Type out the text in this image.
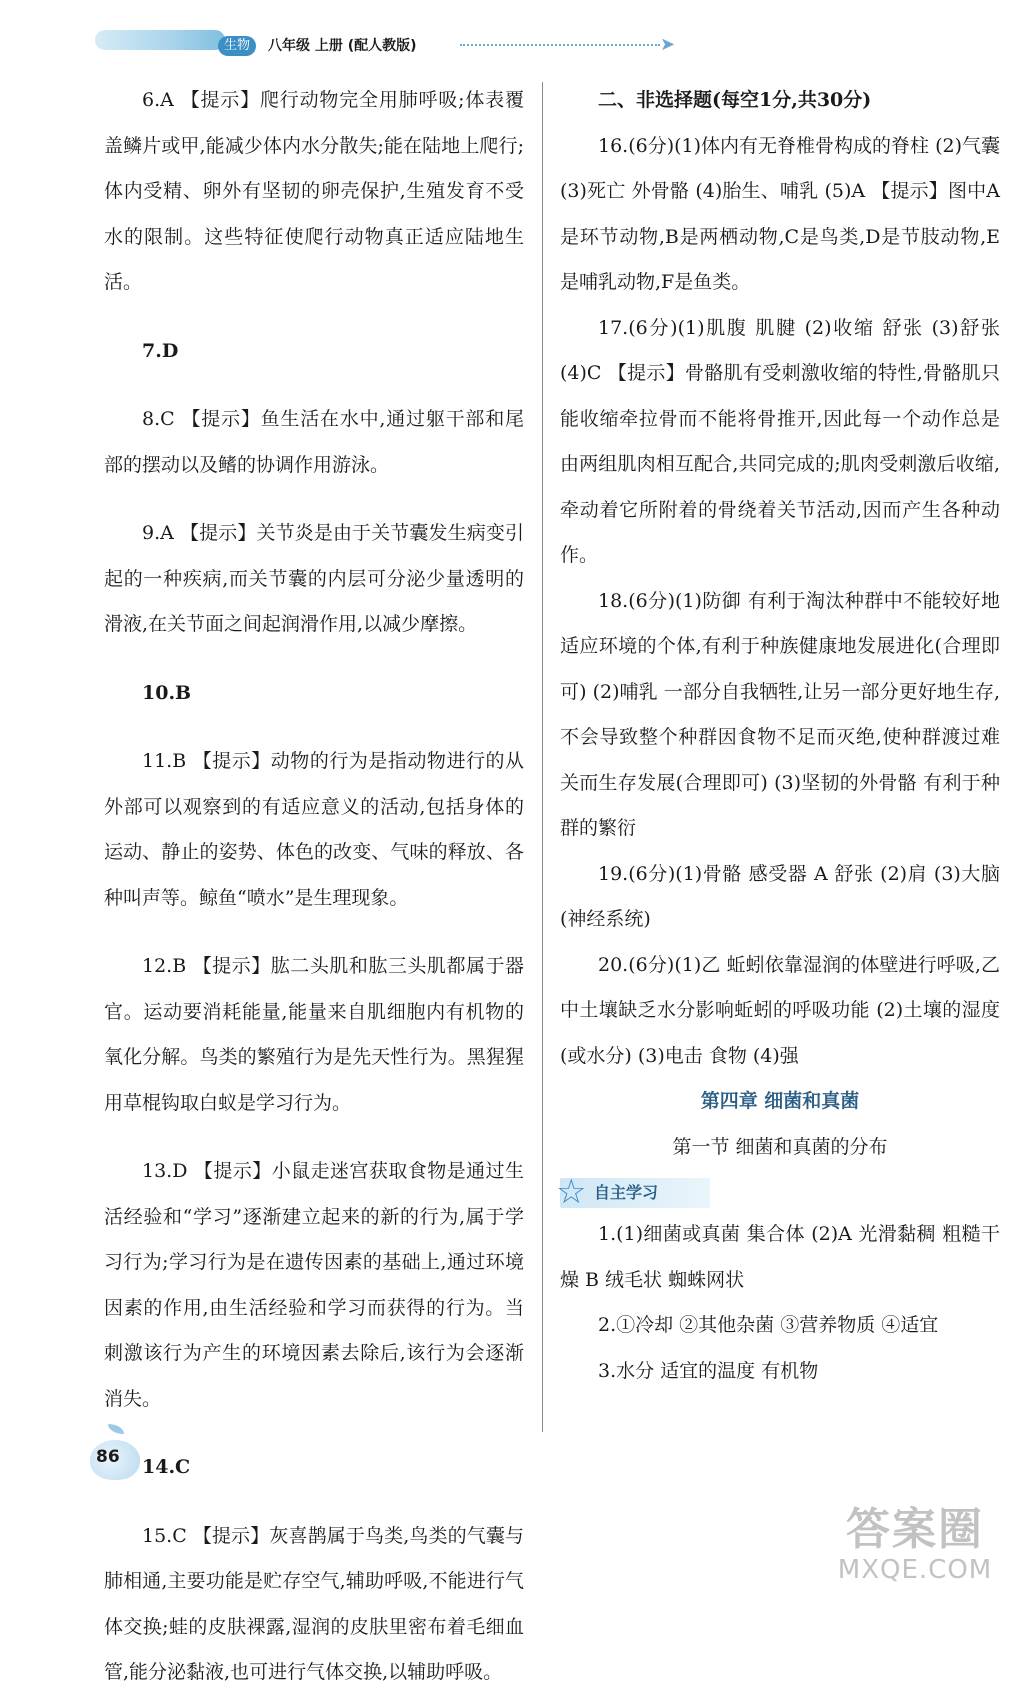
生物	八年级 上册 (配人教版)	➤

6.A 【提示】爬行动物完全用肺呼吸;体表覆盖鳞片或甲,能减少体内水分散失;能在陆地上爬行;体内受精、卵外有坚韧的卵壳保护,生殖发育不受水的限制。这些特征使爬行动物真正适应陆地生活。

7.D

8.C 【提示】鱼生活在水中,通过躯干部和尾部的摆动以及鳍的协调作用游泳。

9.A 【提示】关节炎是由于关节囊发生病变引起的一种疾病,而关节囊的内层可分泌少量透明的滑液,在关节面之间起润滑作用,以减少摩擦。

10.B

11.B 【提示】动物的行为是指动物进行的从外部可以观察到的有适应意义的活动,包括身体的运动、静止的姿势、体色的改变、气味的释放、各种叫声等。鲸鱼“喷水”是生理现象。

12.B 【提示】肱二头肌和肱三头肌都属于器官。运动要消耗能量,能量来自肌细胞内有机物的氧化分解。鸟类的繁殖行为是先天性行为。黑猩猩用草棍钩取白蚁是学习行为。

13.D 【提示】小鼠走迷宫获取食物是通过生活经验和“学习”逐渐建立起来的新的行为,属于学习行为;学习行为是在遗传因素的基础上,通过环境因素的作用,由生活经验和学习而获得的行为。当刺激该行为产生的环境因素去除后,该行为会逐渐消失。

14.C

15.C 【提示】灰喜鹊属于鸟类,鸟类的气囊与肺相通,主要功能是贮存空气,辅助呼吸,不能进行气体交换;蛙的皮肤裸露,湿润的皮肤里密布着毛细血管,能分泌黏液,也可进行气体交换,以辅助呼吸。

二、非选择题(每空1分,共30分)

16.(6分)(1)体内有无脊椎骨构成的脊柱 (2)气囊 (3)死亡 外骨骼 (4)胎生、哺乳 (5)A 【提示】图中A是环节动物,B是两栖动物,C是鸟类,D是节肢动物,E是哺乳动物,F是鱼类。

17.(6分)(1)肌腹 肌腱 (2)收缩 舒张 (3)舒张 (4)C 【提示】骨骼肌有受刺激收缩的特性,骨骼肌只能收缩牵拉骨而不能将骨推开,因此每一个动作总是由两组肌肉相互配合,共同完成的;肌肉受刺激后收缩,牵动着它所附着的骨绕着关节活动,因而产生各种动作。

18.(6分)(1)防御 有利于淘汰种群中不能较好地适应环境的个体,有利于种族健康地发展进化(合理即可) (2)哺乳 一部分自我牺牲,让另一部分更好地生存,不会导致整个种群因食物不足而灭绝,使种群渡过难关而生存发展(合理即可) (3)坚韧的外骨骼 有利于种群的繁衍

19.(6分)(1)骨骼 感受器 A 舒张 (2)肩 (3)大脑(神经系统)

20.(6分)(1)乙 蚯蚓依靠湿润的体壁进行呼吸,乙中土壤缺乏水分影响蚯蚓的呼吸功能 (2)土壤的湿度(或水分) (3)电击 食物 (4)强

第四章 细菌和真菌

第一节 细菌和真菌的分布

☆ 自主学习

1.(1)细菌或真菌 集合体 (2)A 光滑黏稠 粗糙干燥 B 绒毛状 蜘蛛网状

2.①冷却 ②其他杂菌 ③营养物质 ④适宜

3.水分 适宜的温度 有机物

86
答案圈
MXQE.COM
